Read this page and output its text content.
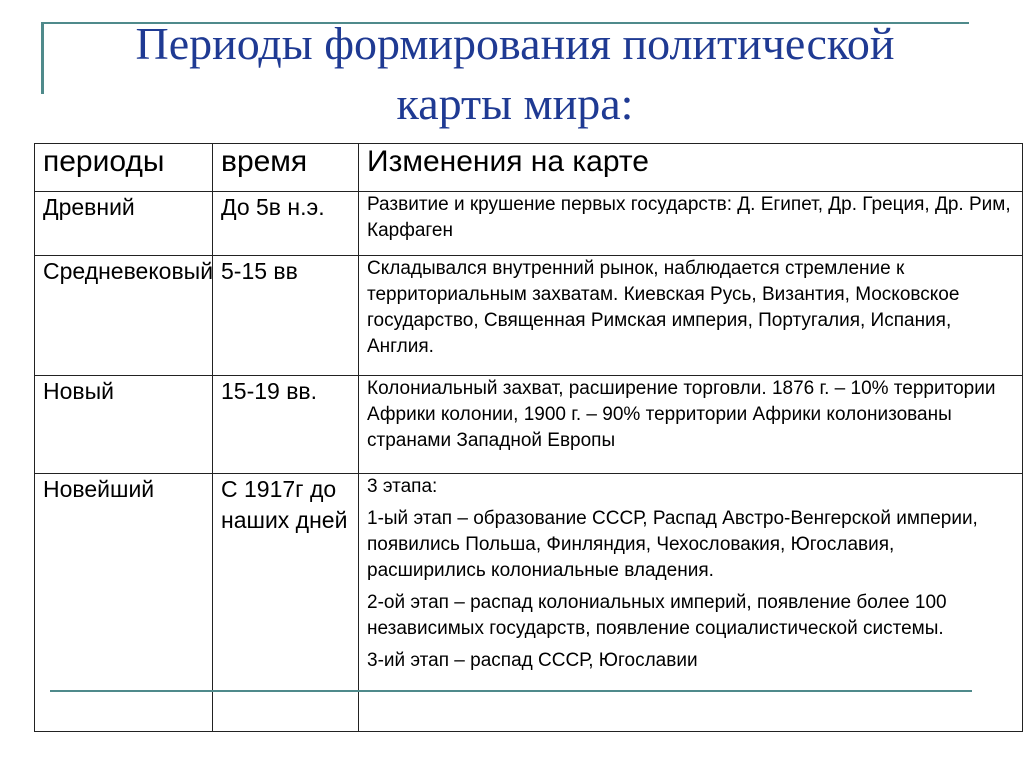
Периоды формирования политической
карты мира:
периоды	время	Изменения на карте
Древний	До 5в н.э.	Развитие и крушение первых государств: Д. Египет, Др. Греция, Др. Рим, Карфаген

Средневековый	5-15 вв	Складывался внутренний рынок, наблюдается стремление к территориальным захватам. Киевская Русь, Византия, Московское государство, Священная Римская империя, Португалия, Испания, Англия.

Новый	15-19 вв.	Колониальный захват, расширение торговли. 1876 г. – 10% территории Африки колонии, 1900 г. – 90% территории Африки колонизованы странами Западной Европы

Новейший	С 1917г до наших дней	3 этапа:

1-ый этап – образование СССР, Распад Австро-Венгерской империи, появились Польша, Финляндия, Чехословакия, Югославия, расширились колониальные владения.

2-ой этап – распад колониальных империй, появление более 100 независимых государств, появление социалистической системы.

3-ий этап – распад СССР, Югославии
